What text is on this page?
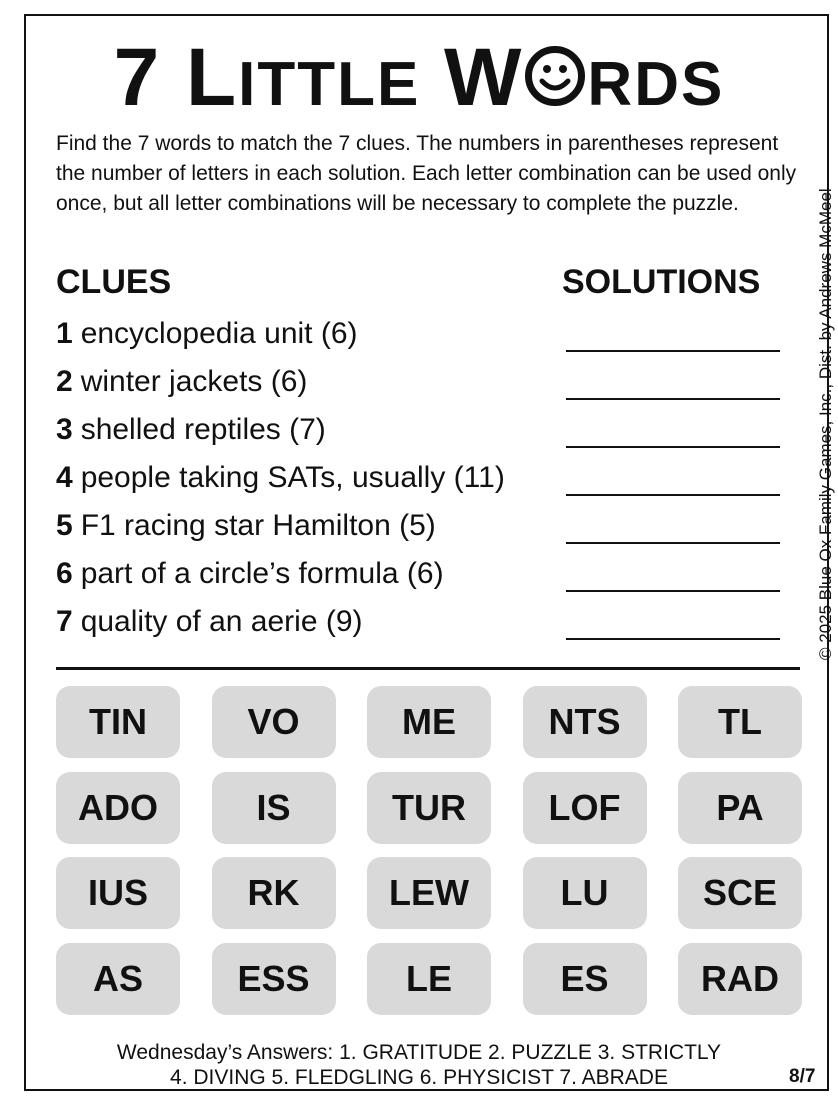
7 LITTLE W RDS
Find the 7 words to match the 7 clues. The numbers in parentheses represent the number of letters in each solution. Each letter combination can be used only once, but all letter combinations will be necessary to complete the puzzle.
CLUES	SOLUTIONS
1 encyclopedia unit (6)
2 winter jackets (6)
3 shelled reptiles (7)
4 people taking SATs, usually (11)
5 F1 racing star Hamilton (5)
6 part of a circle’s formula (6)
7 quality of an aerie (9)
TIN	VO	ME	NTS	TL
ADO	IS	TUR	LOF	PA
IUS	RK	LEW	LU	SCE
AS	ESS	LE	ES	RAD
Wednesday’s Answers: 1. GRATITUDE 2. PUZZLE 3. STRICTLY
4. DIVING 5. FLEDGLING 6. PHYSICIST 7. ABRADE	8/7
© 2025 Blue Ox Family Games, Inc., Dist. by Andrews McMeel
